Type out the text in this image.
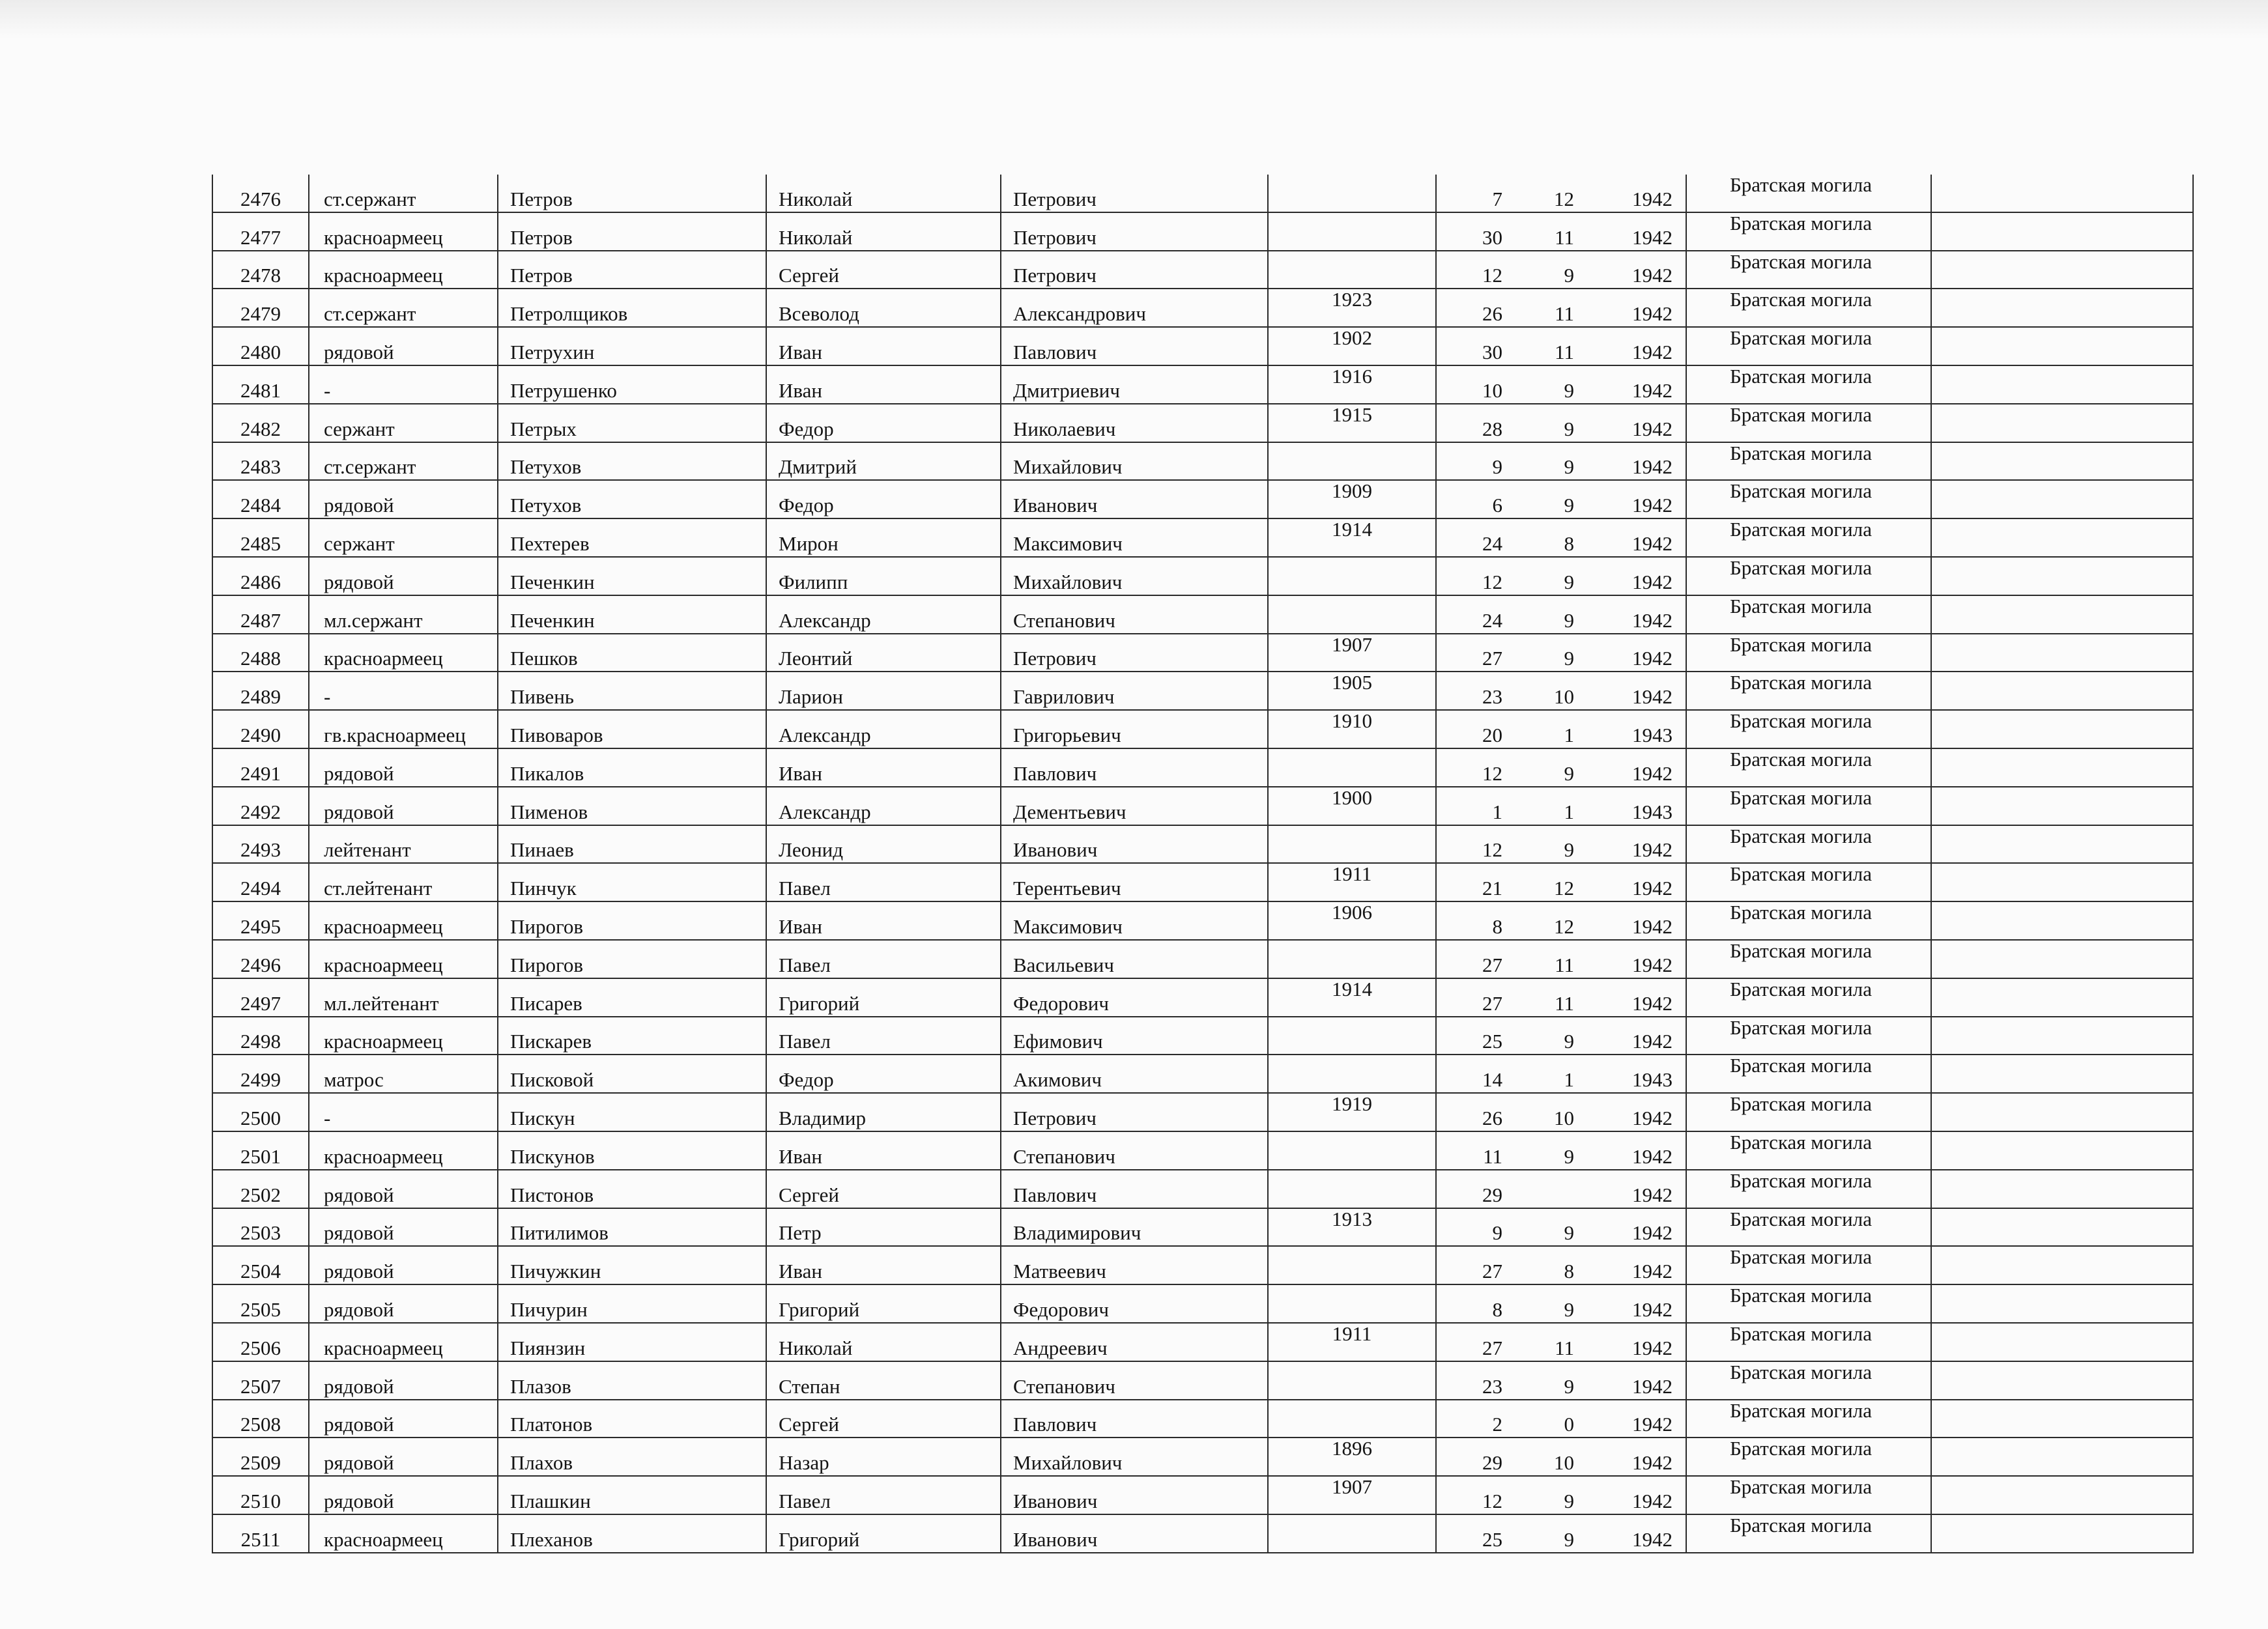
2476	ст.сержант	Петров	Николай	Петрович		7	12	1942	Братская могила	
2477	красноармеец	Петров	Николай	Петрович		30	11	1942	Братская могила	
2478	красноармеец	Петров	Сергей	Петрович		12	9	1942	Братская могила	
2479	ст.сержант	Петролщиков	Всеволод	Александрович	1923	26	11	1942	Братская могила	
2480	рядовой	Петрухин	Иван	Павлович	1902	30	11	1942	Братская могила	
2481	-	Петрушенко	Иван	Дмитриевич	1916	10	9	1942	Братская могила	
2482	сержант	Петрых	Федор	Николаевич	1915	28	9	1942	Братская могила	
2483	ст.сержант	Петухов	Дмитрий	Михайлович		9	9	1942	Братская могила	
2484	рядовой	Петухов	Федор	Иванович	1909	6	9	1942	Братская могила	
2485	сержант	Пехтерев	Мирон	Максимович	1914	24	8	1942	Братская могила	
2486	рядовой	Печенкин	Филипп	Михайлович		12	9	1942	Братская могила	
2487	мл.сержант	Печенкин	Александр	Степанович		24	9	1942	Братская могила	
2488	красноармеец	Пешков	Леонтий	Петрович	1907	27	9	1942	Братская могила	
2489	-	Пивень	Ларион	Гаврилович	1905	23	10	1942	Братская могила	
2490	гв.красноармеец	Пивоваров	Александр	Григорьевич	1910	20	1	1943	Братская могила	
2491	рядовой	Пикалов	Иван	Павлович		12	9	1942	Братская могила	
2492	рядовой	Пименов	Александр	Дементьевич	1900	1	1	1943	Братская могила	
2493	лейтенант	Пинаев	Леонид	Иванович		12	9	1942	Братская могила	
2494	ст.лейтенант	Пинчук	Павел	Терентьевич	1911	21	12	1942	Братская могила	
2495	красноармеец	Пирогов	Иван	Максимович	1906	8	12	1942	Братская могила	
2496	красноармеец	Пирогов	Павел	Васильевич		27	11	1942	Братская могила	
2497	мл.лейтенант	Писарев	Григорий	Федорович	1914	27	11	1942	Братская могила	
2498	красноармеец	Пискарев	Павел	Ефимович		25	9	1942	Братская могила	
2499	матрос	Писковой	Федор	Акимович		14	1	1943	Братская могила	
2500	-	Пискун	Владимир	Петрович	1919	26	10	1942	Братская могила	
2501	красноармеец	Пискунов	Иван	Степанович		11	9	1942	Братская могила	
2502	рядовой	Пистонов	Сергей	Павлович		29		1942	Братская могила	
2503	рядовой	Питилимов	Петр	Владимирович	1913	9	9	1942	Братская могила	
2504	рядовой	Пичужкин	Иван	Матвеевич		27	8	1942	Братская могила	
2505	рядовой	Пичурин	Григорий	Федорович		8	9	1942	Братская могила	
2506	красноармеец	Пиянзин	Николай	Андреевич	1911	27	11	1942	Братская могила	
2507	рядовой	Плазов	Степан	Степанович		23	9	1942	Братская могила	
2508	рядовой	Платонов	Сергей	Павлович		2	0	1942	Братская могила	
2509	рядовой	Плахов	Назар	Михайлович	1896	29	10	1942	Братская могила	
2510	рядовой	Плашкин	Павел	Иванович	1907	12	9	1942	Братская могила	
2511	красноармеец	Плеханов	Григорий	Иванович		25	9	1942	Братская могила	
